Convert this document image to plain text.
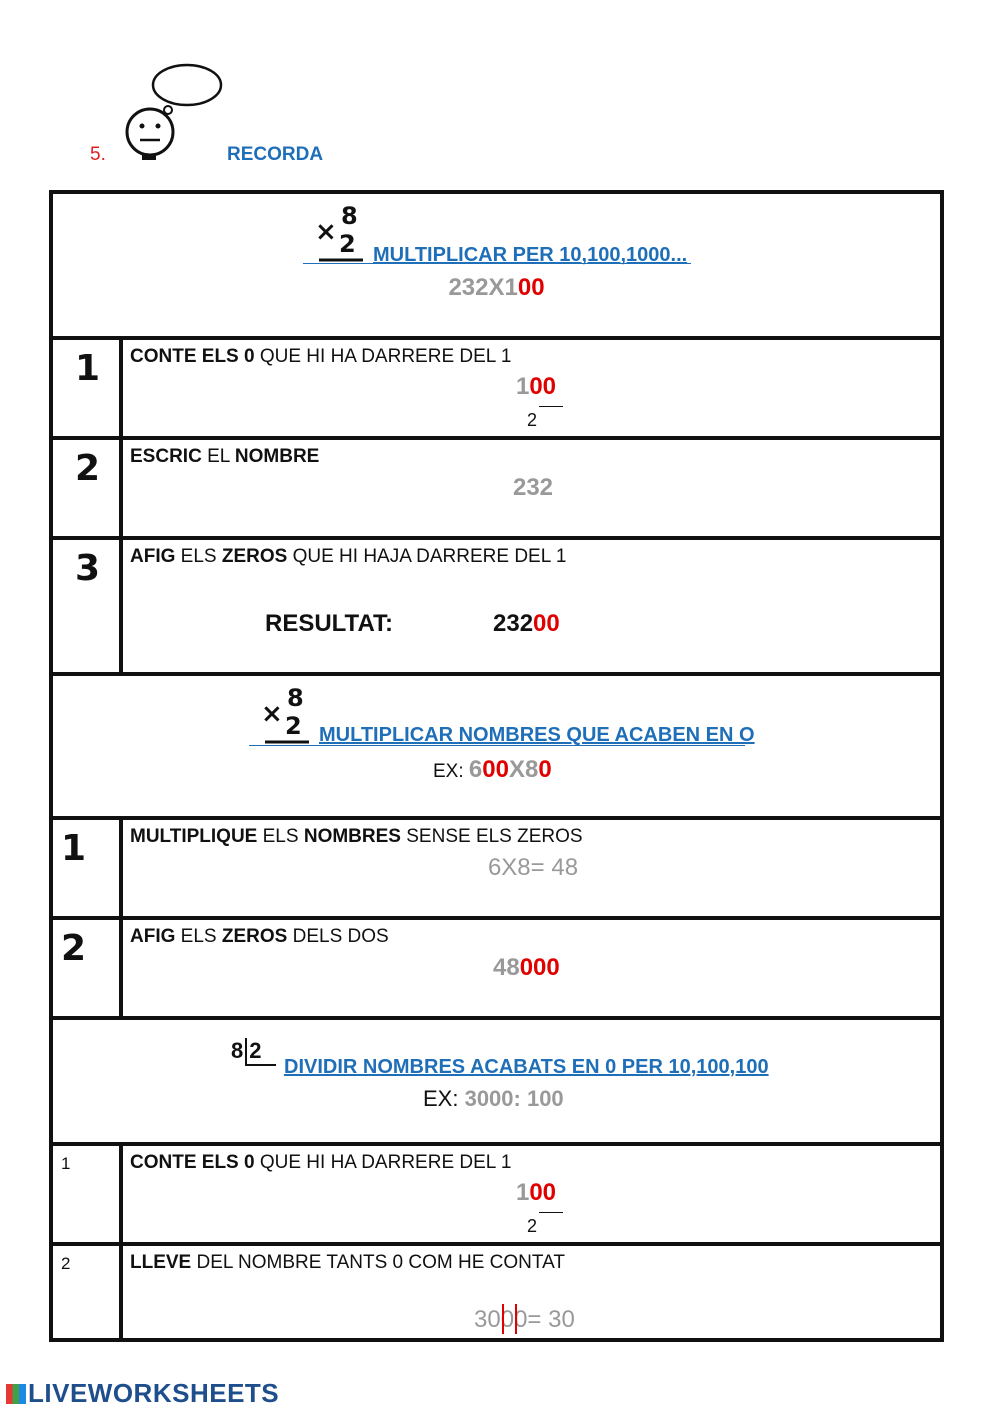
5.	RECORDA
8
× 2 MULTIPLICAR PER 10,100,1000...
232X100
1 CONTE ELS 0 QUE HI HA DARRERE DEL 1
100
2
2 ESCRIC EL NOMBRE
232
3 AFIG ELS ZEROS QUE HI HAJA DARRERE DEL 1
RESULTAT:	23200
8
× 2 MULTIPLICAR NOMBRES QUE ACABEN EN O
EX: 600X80
1 MULTIPLIQUE ELS NOMBRES SENSE ELS ZEROS
6X8= 48
2 AFIG ELS ZEROS DELS DOS
48000
8 2
DIVIDIR NOMBRES ACABATS EN 0 PER 10,100,100
EX: 3000: 100
1	CONTE ELS 0 QUE HI HA DARRERE DEL 1
100
2
2	LLEVE DEL NOMBRE TANTS 0 COM HE CONTAT
300
0
= 30
LIVEWORKSHEETS
